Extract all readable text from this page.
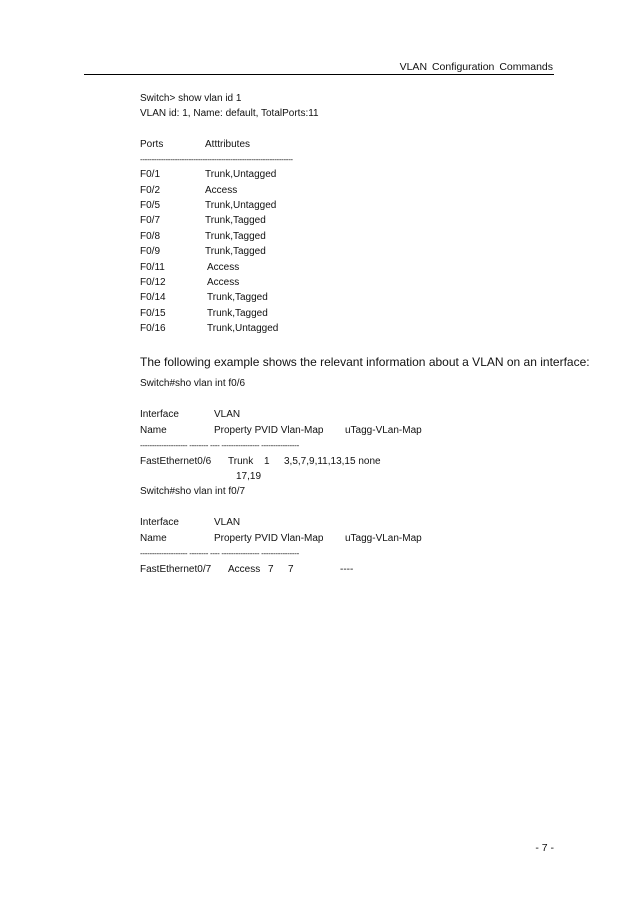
VLAN Configuration Commands
Switch> show vlan id 1
VLAN id: 1, Name: default, TotalPorts:11
Ports	Atttributes
------------------------------------------------------------------
F0/1	Trunk,Untagged
F0/2	Access
F0/5	Trunk,Untagged
F0/7	Trunk,Tagged
F0/8	Trunk,Tagged
F0/9	Trunk,Tagged
F0/11	Access
F0/12	Access
F0/14	Trunk,Tagged
F0/15	Trunk,Tagged
F0/16	Trunk,Untagged
The following example shows the relevant information about a VLAN on an interface:
Switch#sho vlan int f0/6
Interface	VLAN
Name	Property PVID Vlan-Map uTagg-VLan-Map
-------------------- -------- ---- ---------------- ----------------
FastEthernet0/6 Trunk 1 3,5,7,9,11,13,15 none
17,19
Switch#sho vlan int f0/7
Interface	VLAN
Name	Property PVID Vlan-Map uTagg-VLan-Map
-------------------- -------- ---- ---------------- ----------------
FastEthernet0/7 Access 7 7	----
- 7 -
